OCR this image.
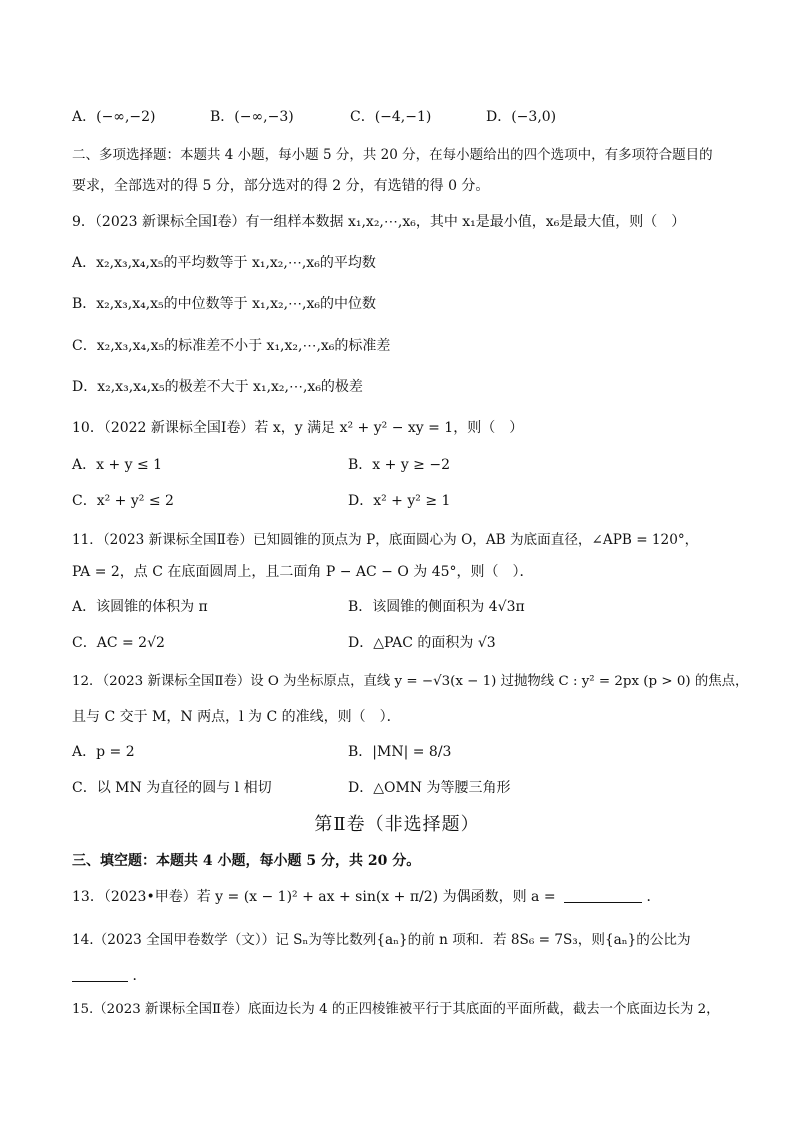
A．(−∞,−2)	B．(−∞,−3)	C．(−4,−1)	D．(−3,0)
二、多项选择题：本题共 4 小题，每小题 5 分，共 20 分，在每小题给出的四个选项中，有多项符合题目的
要求，全部选对的得 5 分，部分选对的得 2 分，有选错的得 0 分。
9．（2023 新课标全国Ⅰ卷）有一组样本数据 x₁,x₂,⋯,x₆，其中 x₁是最小值，x₆是最大值，则（　）
A．x₂,x₃,x₄,x₅的平均数等于 x₁,x₂,⋯,x₆的平均数
B．x₂,x₃,x₄,x₅的中位数等于 x₁,x₂,⋯,x₆的中位数
C．x₂,x₃,x₄,x₅的标准差不小于 x₁,x₂,⋯,x₆的标准差
D．x₂,x₃,x₄,x₅的极差不大于 x₁,x₂,⋯,x₆的极差
10．（2022 新课标全国Ⅰ卷）若 x，y 满足 x² + y² − xy = 1，则（　）
A．x + y ≤ 1	B．x + y ≥ −2
C．x² + y² ≤ 2	D．x² + y² ≥ 1
11．（2023 新课标全国Ⅱ卷）已知圆锥的顶点为 P，底面圆心为 O，AB 为底面直径，∠APB = 120°，
PA = 2，点 C 在底面圆周上，且二面角 P − AC − O 为 45°，则（　）．
A．该圆锥的体积为 π	B．该圆锥的侧面积为 4√3π
C．AC = 2√2	D．△PAC 的面积为 √3
12．（2023 新课标全国Ⅱ卷）设 O 为坐标原点，直线 y = −√3(x − 1) 过抛物线 C : y² = 2px (p > 0) 的焦点，
且与 C 交于 M，N 两点，l 为 C 的准线，则（　）．
A．p = 2	B．|MN| = 8/3
C．以 MN 为直径的圆与 l 相切	D．△OMN 为等腰三角形
第Ⅱ卷（非选择题）
三、填空题：本题共 4 小题，每小题 5 分，共 20 分。
13．（2023•甲卷）若 y = (x − 1)² + ax + sin(x + π/2) 为偶函数，则 a =	．
14.（2023 全国甲卷数学（文））记 Sₙ为等比数列{aₙ}的前 n 项和．若 8S₆ = 7S₃，则{aₙ}的公比为
．
15.（2023 新课标全国Ⅱ卷）底面边长为 4 的正四棱锥被平行于其底面的平面所截，截去一个底面边长为 2，
